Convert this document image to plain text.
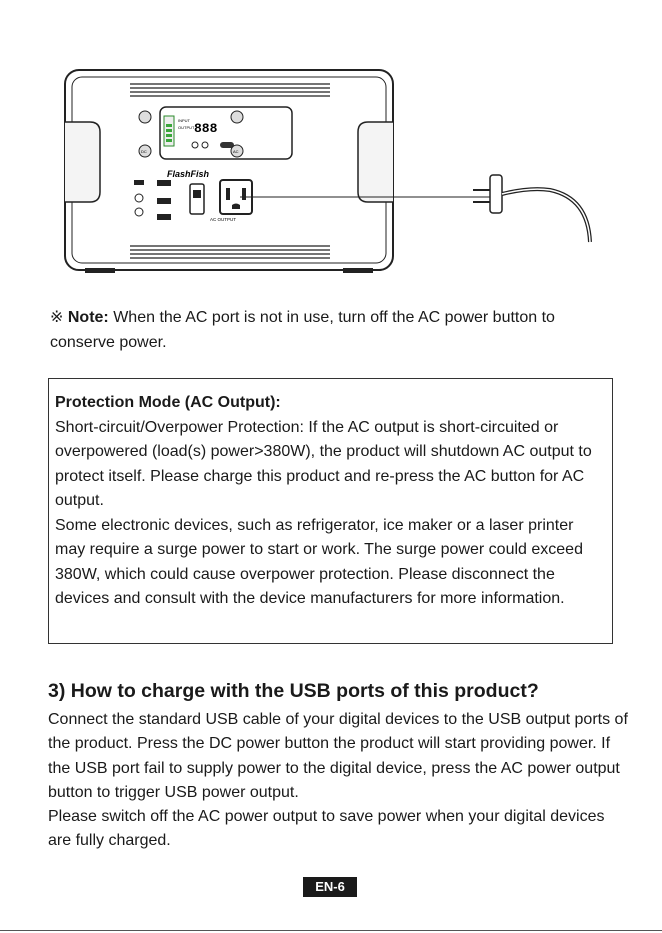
INPUT
OUTPUT 888
DC	AC
FlashFish
AC OUTPUT
※ Note: When the AC port is not in use, turn off the AC power button to conserve power.
Protection Mode (AC Output):

Short-circuit/Overpower Protection: If the AC output is short-circuited or overpowered (load(s) power>380W), the product will shutdown AC output to protect itself. Please charge this product and re-press the AC button for AC output.

Some electronic devices, such as refrigerator, ice maker or a laser printer may require a surge power to start or work. The surge power could exceed 380W, which could cause overpower protection. Please disconnect the devices and consult with the device manufacturers for more information.

3) How to charge with the USB ports of this product?

Connect the standard USB cable of your digital devices to the USB output ports of the product. Press the DC power button the product will start providing power. If the USB port fail to supply power to the digital device, press the AC power output button to trigger USB power output.

Please switch off the AC power output to save power when your digital devices are fully charged.

EN-6
